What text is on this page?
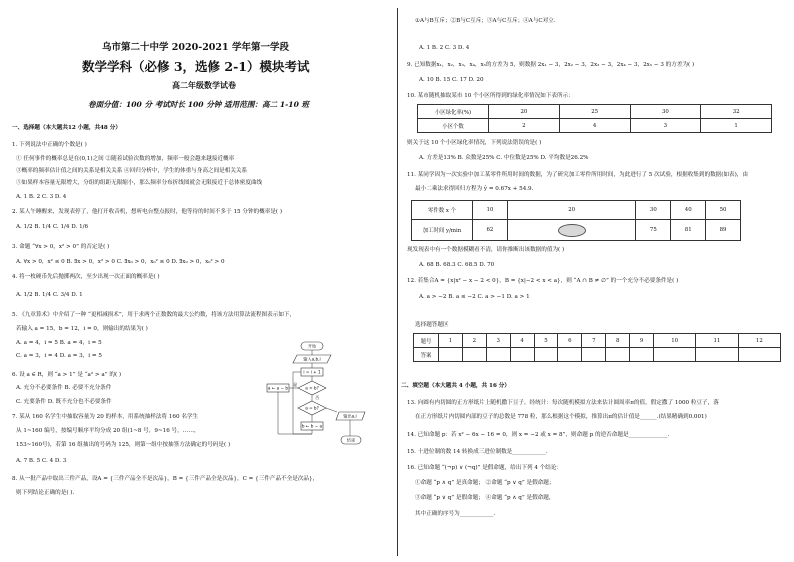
乌市第二十中学 2020-2021 学年第一学段
数学学科（必修 3，选修 2-1）模块考试
高二年级数学试卷
卷面分值：100 分 考试时长 100 分钟 适用范围：高二 1-10 班
一、选择题（本大题共12 小题，共48 分）
1. 下列说法中正确的个数是( )
① 任何事件的概率总是在(0,1)之间 ②随着试验次数的增加，频率一般会越来越接近概率
③概率的频率估计值之间的关系是相关关系 ④回归分析中，学生的体重与身高之间是相关关系
⑤如果样本容量无限增大，分组的组距无限缩小，那么频率分布折线图就会无限接近于总体密度曲线
A. 1 B. 2 C. 3 D. 4
2. 某人午睡醒来，发现表停了，他打开收音机，想听电台整点报时，他等待的时间不多于 15 分钟的概率是( )
A. 1/2 B. 1/4 C. 1/4 D. 1/6
3. 命题 “∀x > 0，x² > 0” 的否定是( )
A. ∀x > 0，x² ≤ 0 B. ∃x > 0，x² > 0 C. ∃x₀ > 0，x₀² ≤ 0 D. ∃x₀ > 0，x₀² > 0
4. 将一枚硬币先后抛掷两次，至少出现一次正面的概率是( )
A. 1/2 B. 1/4 C. 3/4 D. 1
5. 《九章算术》中介绍了一种 “更相减损术”，用于求两个正数数的最大公约数，将该方法用算法流程图表示如下，
若输入 a = 15，b = 12，i = 0，则输出的结果为( )
A. a = 4，i = 5 B. a = 4，i = 5
C. a = 3，i = 4 D. a = 3，i = 5
6. 设 a ∈ R，则 “a > 1” 是 “a² > a” 的( )
A. 充分不必要条件 B. 必要不充分条件
C. 充要条件 D. 既不充分也不必要条件
7. 某从 160 名学生中抽取容量为 20 的样本，用系统抽样法将 160 名学生
从 1~160 编号，按编号顺序平均分成 20 组(1~8 号，9~16 号，……，
153~160号)，若第 16 组抽出的号码为 125，则第一组中按抽签方法确定的号码是( )
A. 7 B. 5 C. 4 D. 3
8. 从一批产品中取出三件产品，设A = {三件产品全不是次品}，B = {三件产品全是次品}，C = {三件产品不全是次品}，
则下列结论正确的是( ).
开始
输入a,b,i
i = i + 1
a > b?
a ← a − b
是
a = b?
否
b ← b − a
输出a,i
结束
①A与B互斥；②B与C互斥；③A与C互斥；④A与C对立.
A. 1 B. 2 C. 3 D. 4
9. 已知数据x₁，x₂，x₃，x₄，x₅的方差为 5，则数据 2x₁ − 3，2x₂ − 3，2x₃ − 3，2x₄ − 3，2x₅ − 3 的方差为( )
A. 10 B. 15 C. 17 D. 20
10. 某市随机抽取某市 10 个小区所得到的绿化率情况如下表所示：
小区绿化率(%)	20	25	30	32
小区个数	2	4	3	1
则关于这 10 个小区绿化率情况，下列说法错误的是( )
A. 方差是13% B. 众数是25% C. 中位数是25% D. 平均数是26.2%
11. 某同学因为一次实验中加工某零件所用时间的数据，为了研究加工零件所用时间，为此进行了 5 次试验，根据收集到的数据(如表)，由
最小二乘法求得回归方程为 ŷ = 0.67x + 54.9.
零件数 x 个	10	20	30	40	50
加工时间 y/min	62		75	81	89
现发现表中有一个数据模糊看不清，请你推断出该数据的值为( )
A. 68 B. 68.3 C. 68.5 D. 70
12. 若集合A = {x|x² − x − 2 < 0}，B = {x|−2 < x < a}，则 “A ∩ B ≠ ∅” 的一个充分不必要条件是( )
A. a > −2 B. a ≤ −2 C. a > −1 D. a > 1
选择题答题区
题号	1	2	3	4	5	6	7	8	9	10	11	12
答案												
二、填空题（本大题共 4 小题，共 16 分）
13. 向圆有内切圆的正方形纸片上随机撒下豆子，经统计：每次随机模拟方法来估计圆周率π的值，假定撒了 1000 粒豆子，落
在正方形纸片内切圆内部的豆子的总数是 778 粒，那么根据这个模拟，推算出π的估计值是______.(结果精确到0.001)
14. 已知命题 p：若 x² − 6x − 16 = 0，则 x = −2 或 x = 8”，则命题 p 的逆否命题是______________.
15. 十进位制的数 14 转换成三进位制数是____________.
16. 已知命题 “(¬p) ∨ (¬q)” 是假命题，给出下列 4 个结论：
①命题 “p ∧ q” 是真命题； ②命题 “p ∨ q” 是假命题；
③命题 “p ∨ q” 是假命题； ④命题 “p ∧ q” 是假命题，
其中正确的序号为____________.
